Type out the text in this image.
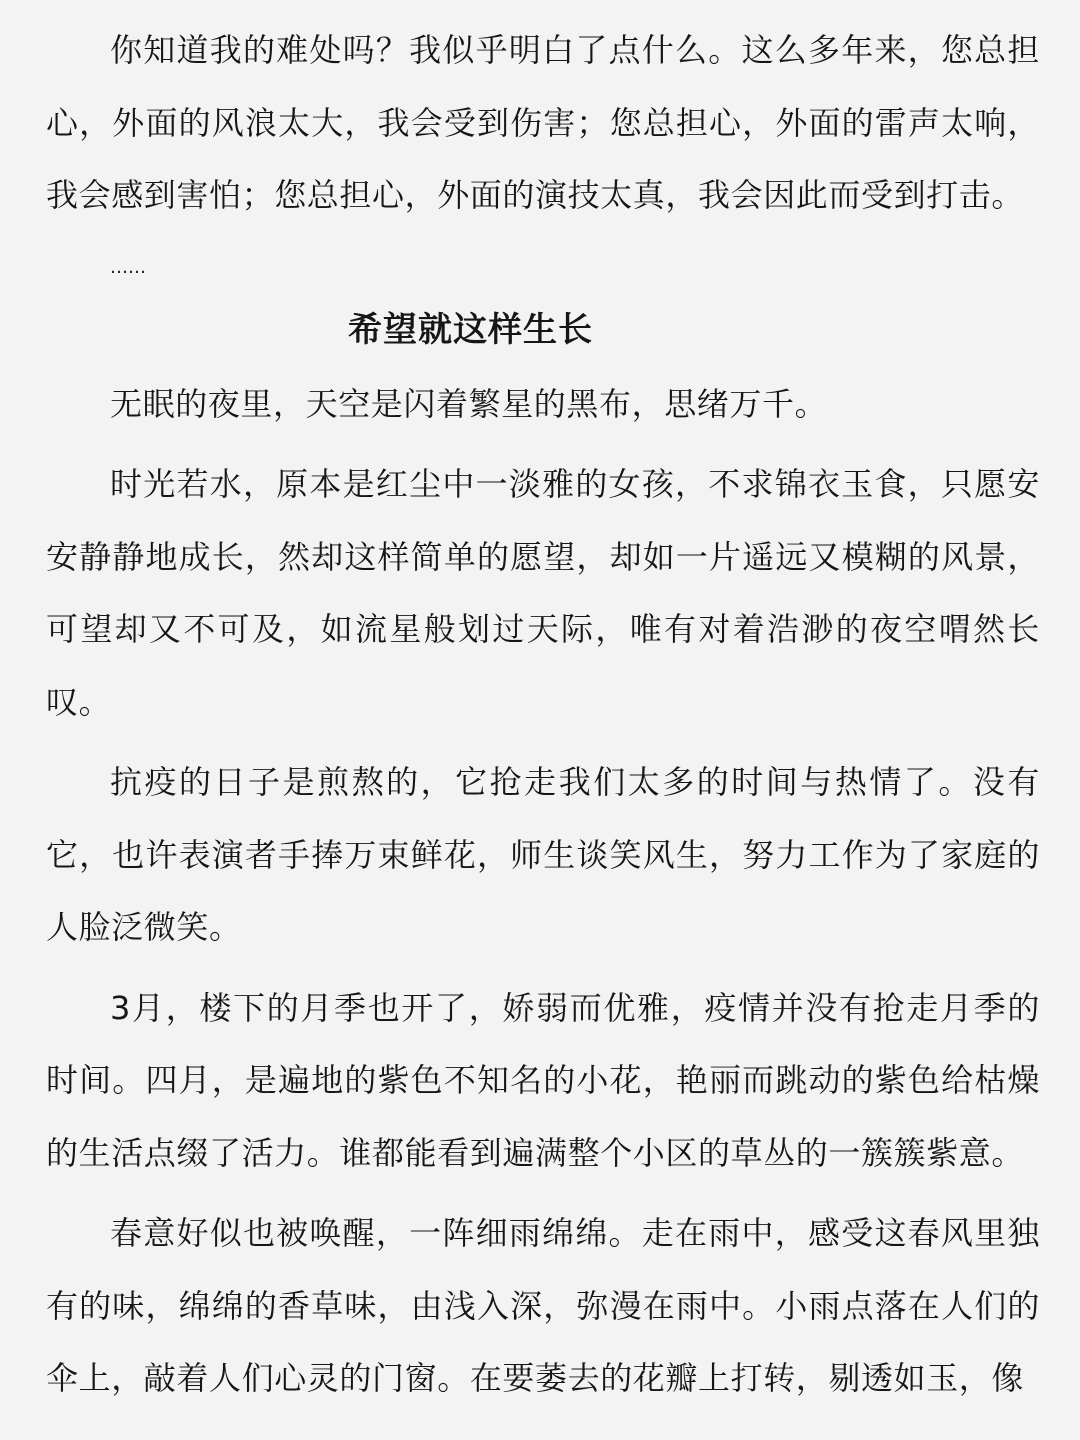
你知道我的难处吗？我似乎明白了点什么。这么多年来，您总担心，外面的风浪太大，我会受到伤害；您总担心，外面的雷声太响，我会感到害怕；您总担心，外面的演技太真，我会因此而受到打击。

……

希望就这样生长

无眠的夜里，天空是闪着繁星的黑布，思绪万千。

时光若水，原本是红尘中一淡雅的女孩，不求锦衣玉食，只愿安安静静地成长，然却这样简单的愿望，却如一片遥远又模糊的风景，可望却又不可及，如流星般划过天际，唯有对着浩渺的夜空喟然长叹。

抗疫的日子是煎熬的，它抢走我们太多的时间与热情了。没有它，也许表演者手捧万束鲜花，师生谈笑风生，努力工作为了家庭的人脸泛微笑。

3月，楼下的月季也开了，娇弱而优雅，疫情并没有抢走月季的时间。四月，是遍地的紫色不知名的小花，艳丽而跳动的紫色给枯燥的生活点缀了活力。谁都能看到遍满整个小区的草丛的一簇簇紫意。

春意好似也被唤醒，一阵细雨绵绵。走在雨中，感受这春风里独有的味，绵绵的香草味，由浅入深，弥漫在雨中。小雨点落在人们的伞上，敲着人们心灵的门窗。在要萎去的花瓣上打转，剔透如玉，像
